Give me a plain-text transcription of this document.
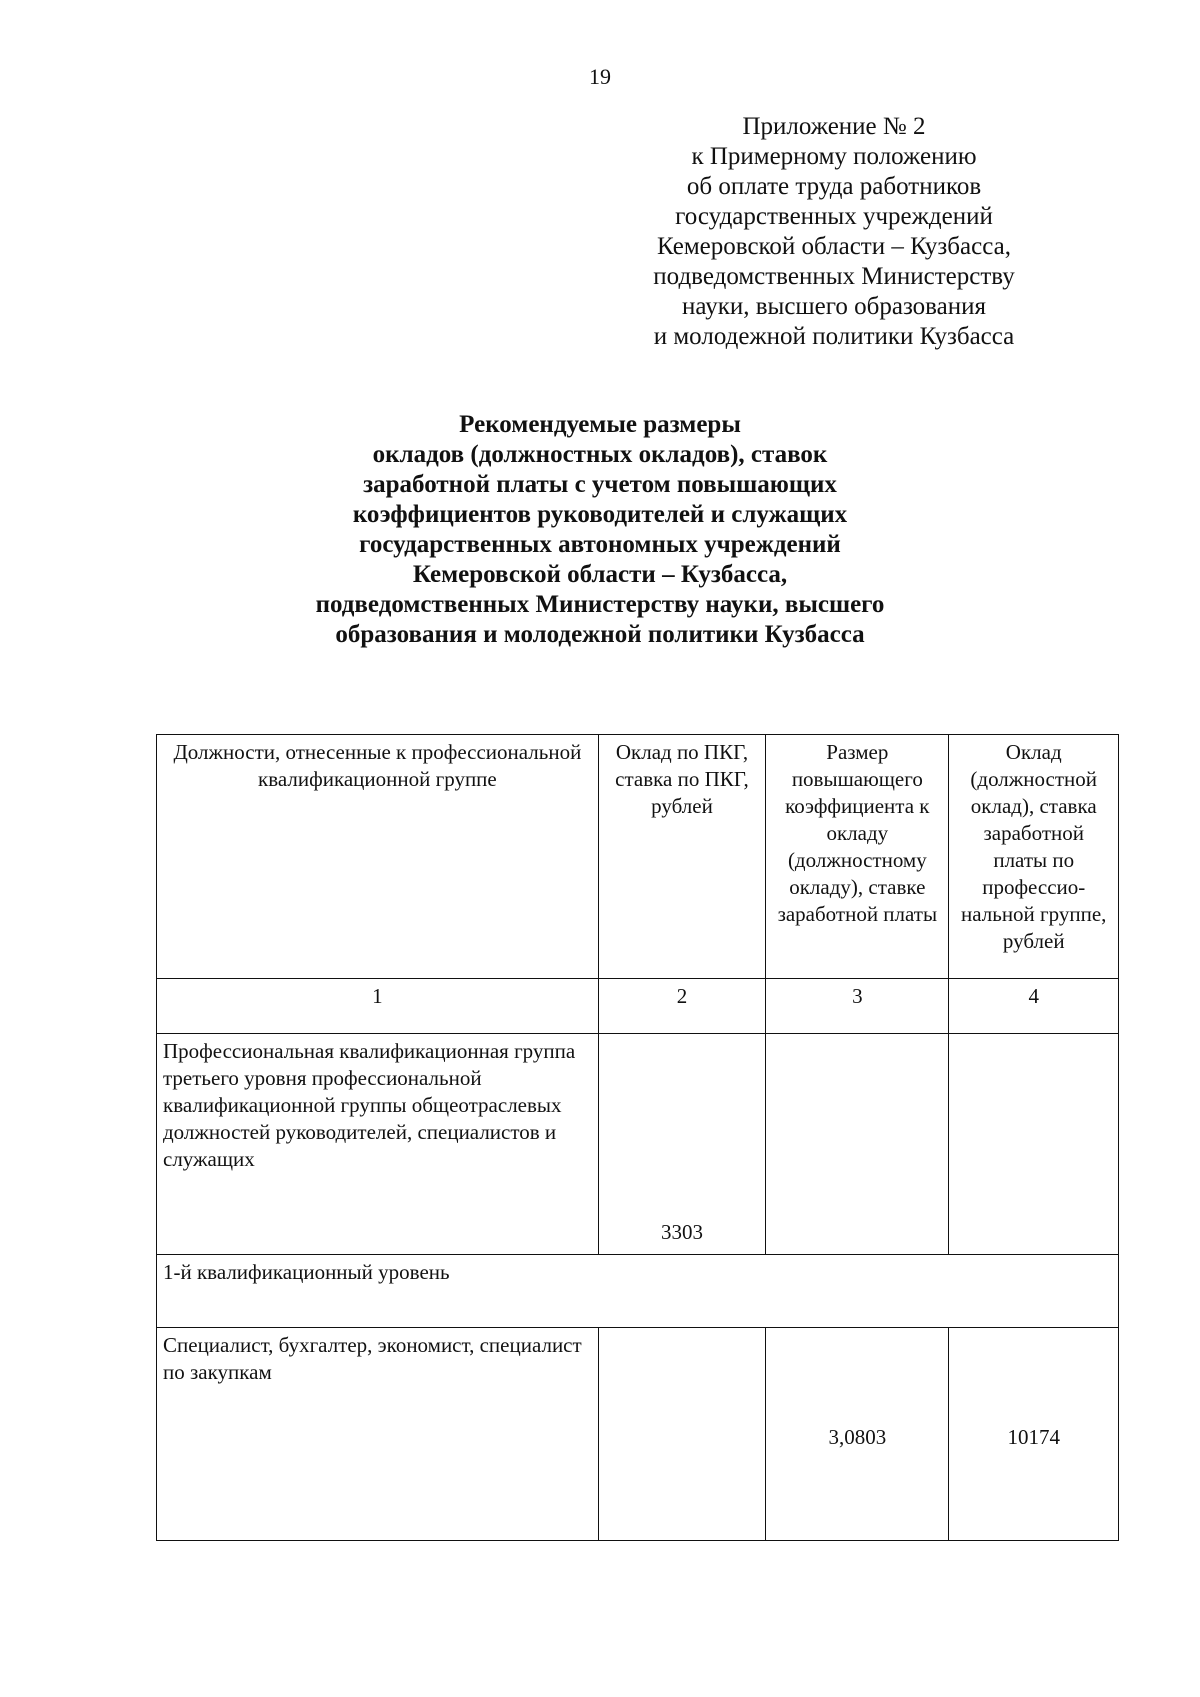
19
Приложение № 2
к Примерному положению
об оплате труда работников
государственных учреждений
Кемеровской области – Кузбасса,
подведомственных Министерству
науки, высшего образования
и молодежной политики Кузбасса
Рекомендуемые размеры
окладов (должностных окладов), ставок
заработной платы с учетом повышающих
коэффициентов руководителей и служащих
государственных автономных учреждений
Кемеровской области – Кузбасса,
подведомственных Министерству науки, высшего
образования и молодежной политики Кузбасса
Должности, отнесенные к профессиональной квалификационной группе	Оклад по ПКГ, ставка по ПКГ, рублей	Размер повышающего коэффициента к окладу (должностному окладу), ставке заработной платы	Оклад (должностной оклад), ставка заработной платы по профессио-нальной группе, рублей
1	2	3	4
Профессиональная квалификационная группа третьего уровня профессиональной квалификационной группы общеотраслевых должностей руководителей, специалистов и служащих	3303		
1-й квалификационный уровень			
Специалист, бухгалтер, экономист, специалист по закупкам		3,0803	10174
